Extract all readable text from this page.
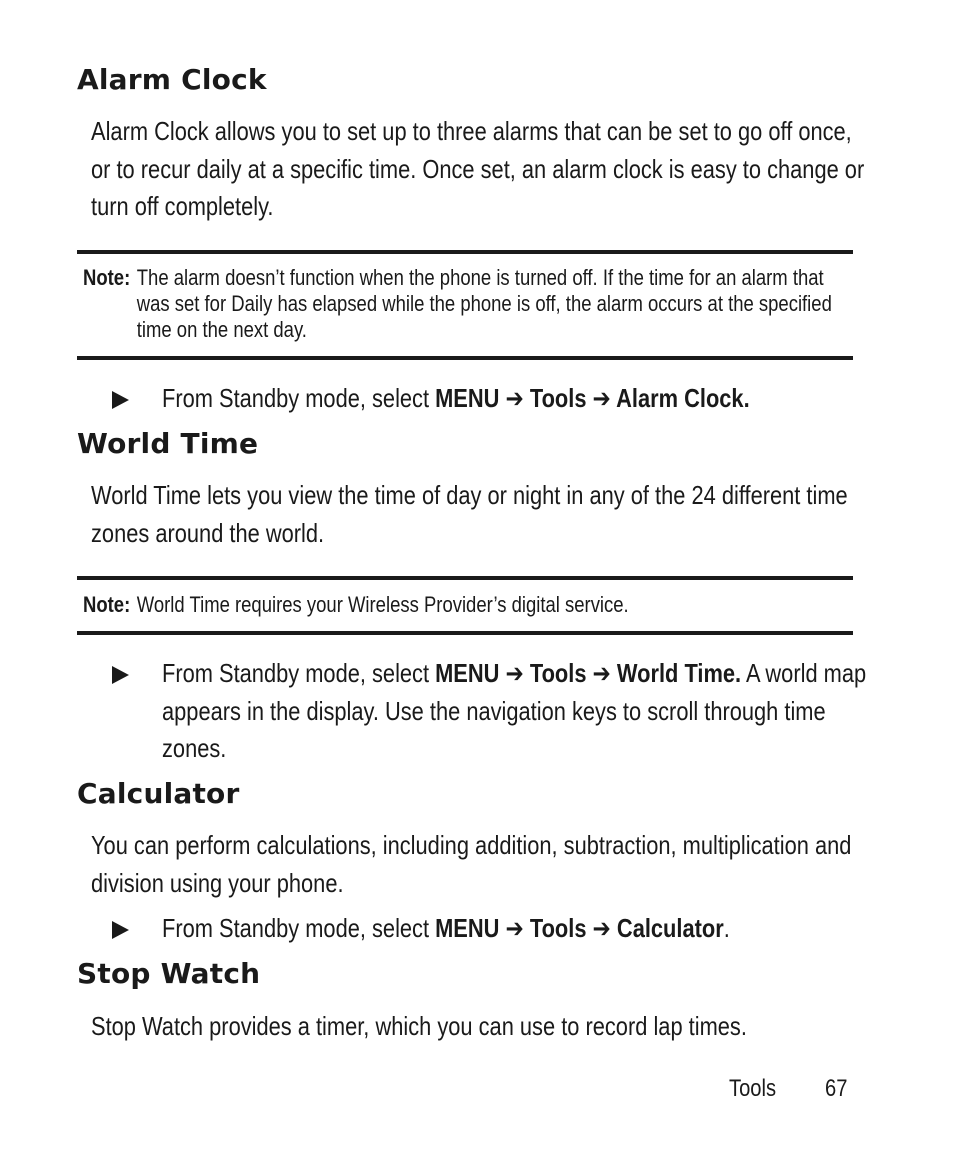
Alarm Clock

Alarm Clock allows you to set up to three alarms that can be set to go off once, or to recur daily at a specific time. Once set, an alarm clock is easy to change or turn off completely.

Note: The alarm doesn’t function when the phone is turned off. If the time for an alarm that was set for Daily has elapsed while the phone is off, the alarm occurs at the specified time on the next day.

From Standby mode, select MENU ➔ Tools ➔ Alarm Clock.

World Time

World Time lets you view the time of day or night in any of the 24 different time zones around the world.

Note: World Time requires your Wireless Provider’s digital service.

From Standby mode, select MENU ➔ Tools ➔ World Time. A world map appears in the display. Use the navigation keys to scroll through time zones.

Calculator

You can perform calculations, including addition, subtraction, multiplication and division using your phone.

From Standby mode, select MENU ➔ Tools ➔ Calculator.

Stop Watch

Stop Watch provides a timer, which you can use to record lap times.

Tools 67
